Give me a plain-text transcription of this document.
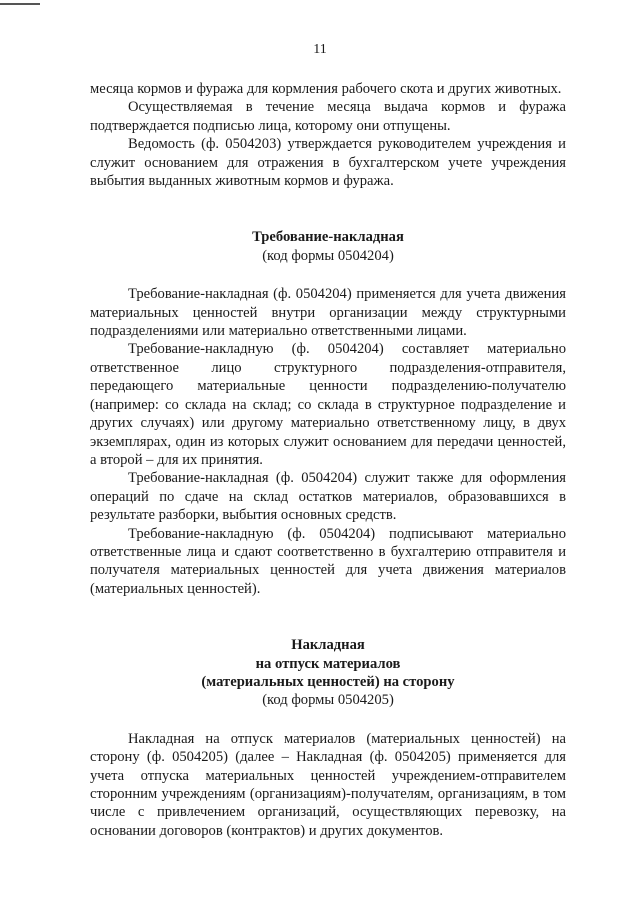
11

месяца кормов и фуража для кормления рабочего скота и других животных.

Осуществляемая в течение месяца выдача кормов и фуража подтверждается подписью лица, которому они отпущены.

Ведомость (ф. 0504203) утверждается руководителем учреждения и служит основанием для отражения в бухгалтерском учете учреждения выбытия выданных животным кормов и фуража.

Требование-накладная
(код формы 0504204)

Требование-накладная (ф. 0504204) применяется для учета движения материальных ценностей внутри организации между структурными подразделениями или материально ответственными лицами.

Требование-накладную (ф. 0504204) составляет материально ответственное лицо структурного подразделения-отправителя, передающего материальные ценности подразделению-получателю (например: со склада на склад; со склада в структурное подразделение и других случаях) или другому материально ответственному лицу, в двух экземплярах, один из которых служит основанием для передачи ценностей, а второй – для их принятия.

Требование-накладная (ф. 0504204) служит также для оформления операций по сдаче на склад остатков материалов, образовавшихся в результате разборки, выбытия основных средств.

Требование-накладную (ф. 0504204) подписывают материально ответственные лица и сдают соответственно в бухгалтерию отправителя и получателя материальных ценностей для учета движения материалов (материальных ценностей).

Накладная
на отпуск материалов
(материальных ценностей) на сторону
(код формы 0504205)

Накладная на отпуск материалов (материальных ценностей) на сторону (ф. 0504205) (далее – Накладная (ф. 0504205) применяется для учета отпуска материальных ценностей учреждением-отправителем сторонним учреждениям (организациям)-получателям, организациям, в том числе с привлечением организаций, осуществляющих перевозку, на основании договоров (контрактов) и других документов.
